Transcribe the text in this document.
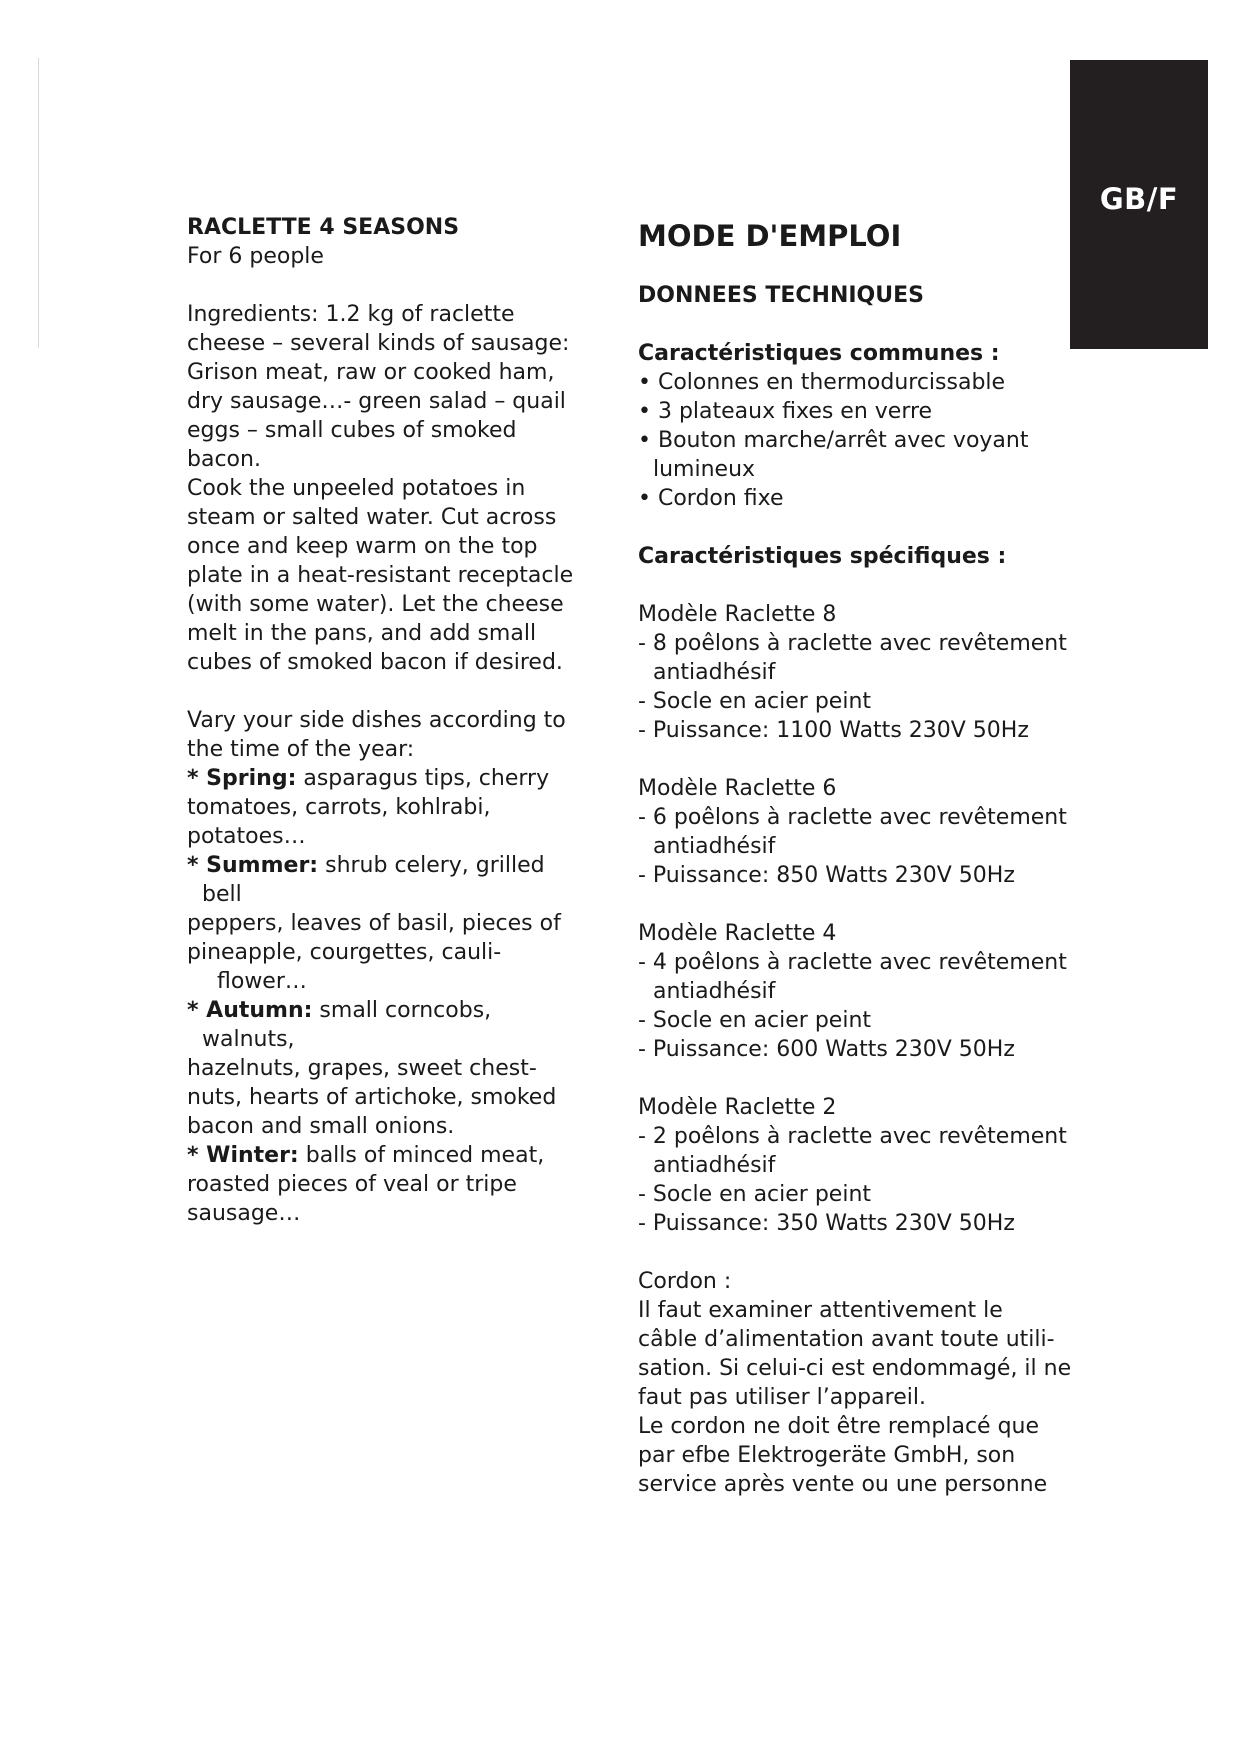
GB/F

RACLETTE 4 SEASONS

For 6 people

Ingredients: 1.2 kg of raclette

cheese – several kinds of sausage:

Grison meat, raw or cooked ham,

dry sausage…- green salad – quail

eggs – small cubes of smoked bacon.

Cook the unpeeled potatoes in

steam or salted water. Cut across

once and keep warm on the top

plate in a heat-resistant receptacle

(with some water). Let the cheese

melt in the pans, and add small

cubes of smoked bacon if desired.

Vary your side dishes according to

the time of the year:

* Spring: asparagus tips, cherry
tomatoes, carrots, kohlrabi,
potatoes…
* Summer: shrub celery, grilled bell
peppers, leaves of basil, pieces of
pineapple, courgettes, cauli-
flower…
* Autumn: small corncobs, walnuts,
hazelnuts, grapes, sweet chest-
nuts, hearts of artichoke, smoked
bacon and small onions.
* Winter: balls of minced meat,
roasted pieces of veal or tripe
sausage…

MODE D'EMPLOI

DONNEES TECHNIQUES

Caractéristiques communes :

• Colonnes en thermodurcissable

• 3 plateaux fixes en verre

• Bouton marche/arrêt avec voyant lumineux

• Cordon fixe

Caractéristiques spécifiques :

Modèle Raclette 8

- 8 poêlons à raclette avec revêtement antiadhésif

- Socle en acier peint

- Puissance: 1100 Watts 230V 50Hz

Modèle Raclette 6

- 6 poêlons à raclette avec revêtement antiadhésif

- Puissance: 850 Watts 230V 50Hz

Modèle Raclette 4

- 4 poêlons à raclette avec revêtement antiadhésif

- Socle en acier peint

- Puissance: 600 Watts 230V 50Hz

Modèle Raclette 2

- 2 poêlons à raclette avec revêtement antiadhésif

- Socle en acier peint

- Puissance: 350 Watts 230V 50Hz

Cordon :

Il faut examiner attentivement le

câble d’alimentation avant toute utili-

sation. Si celui-ci est endommagé, il ne

faut pas utiliser l’appareil.

Le cordon ne doit être remplacé que

par efbe Elektrogeräte GmbH, son

service après vente ou une personne
